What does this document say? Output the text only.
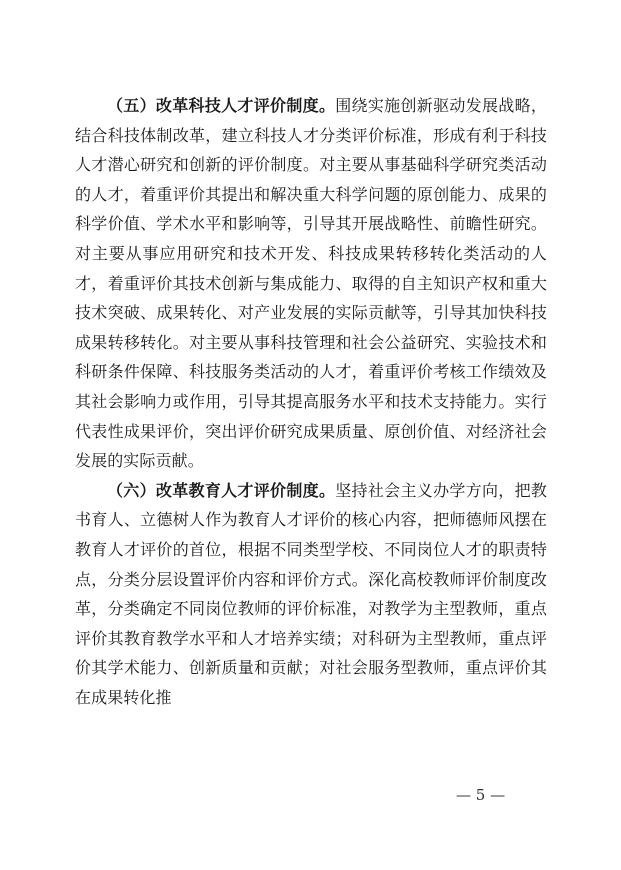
（五）改革科技人才评价制度。围绕实施创新驱动发展战略，结合科技体制改革，建立科技人才分类评价标准，形成有利于科技人才潜心研究和创新的评价制度。对主要从事基础科学研究类活动的人才，着重评价其提出和解决重大科学问题的原创能力、成果的科学价值、学术水平和影响等，引导其开展战略性、前瞻性研究。对主要从事应用研究和技术开发、科技成果转移转化类活动的人才，着重评价其技术创新与集成能力、取得的自主知识产权和重大技术突破、成果转化、对产业发展的实际贡献等，引导其加快科技成果转移转化。对主要从事科技管理和社会公益研究、实验技术和科研条件保障、科技服务类活动的人才，着重评价考核工作绩效及其社会影响力或作用，引导其提高服务水平和技术支持能力。实行代表性成果评价，突出评价研究成果质量、原创价值、对经济社会发展的实际贡献。

（六）改革教育人才评价制度。坚持社会主义办学方向，把教书育人、立德树人作为教育人才评价的核心内容，把师德师风摆在教育人才评价的首位，根据不同类型学校、不同岗位人才的职责特点，分类分层设置评价内容和评价方式。深化高校教师评价制度改革，分类确定不同岗位教师的评价标准，对教学为主型教师，重点评价其教育教学水平和人才培养实绩；对科研为主型教师，重点评价其学术能力、创新质量和贡献；对社会服务型教师，重点评价其在成果转化推

— 5 —
